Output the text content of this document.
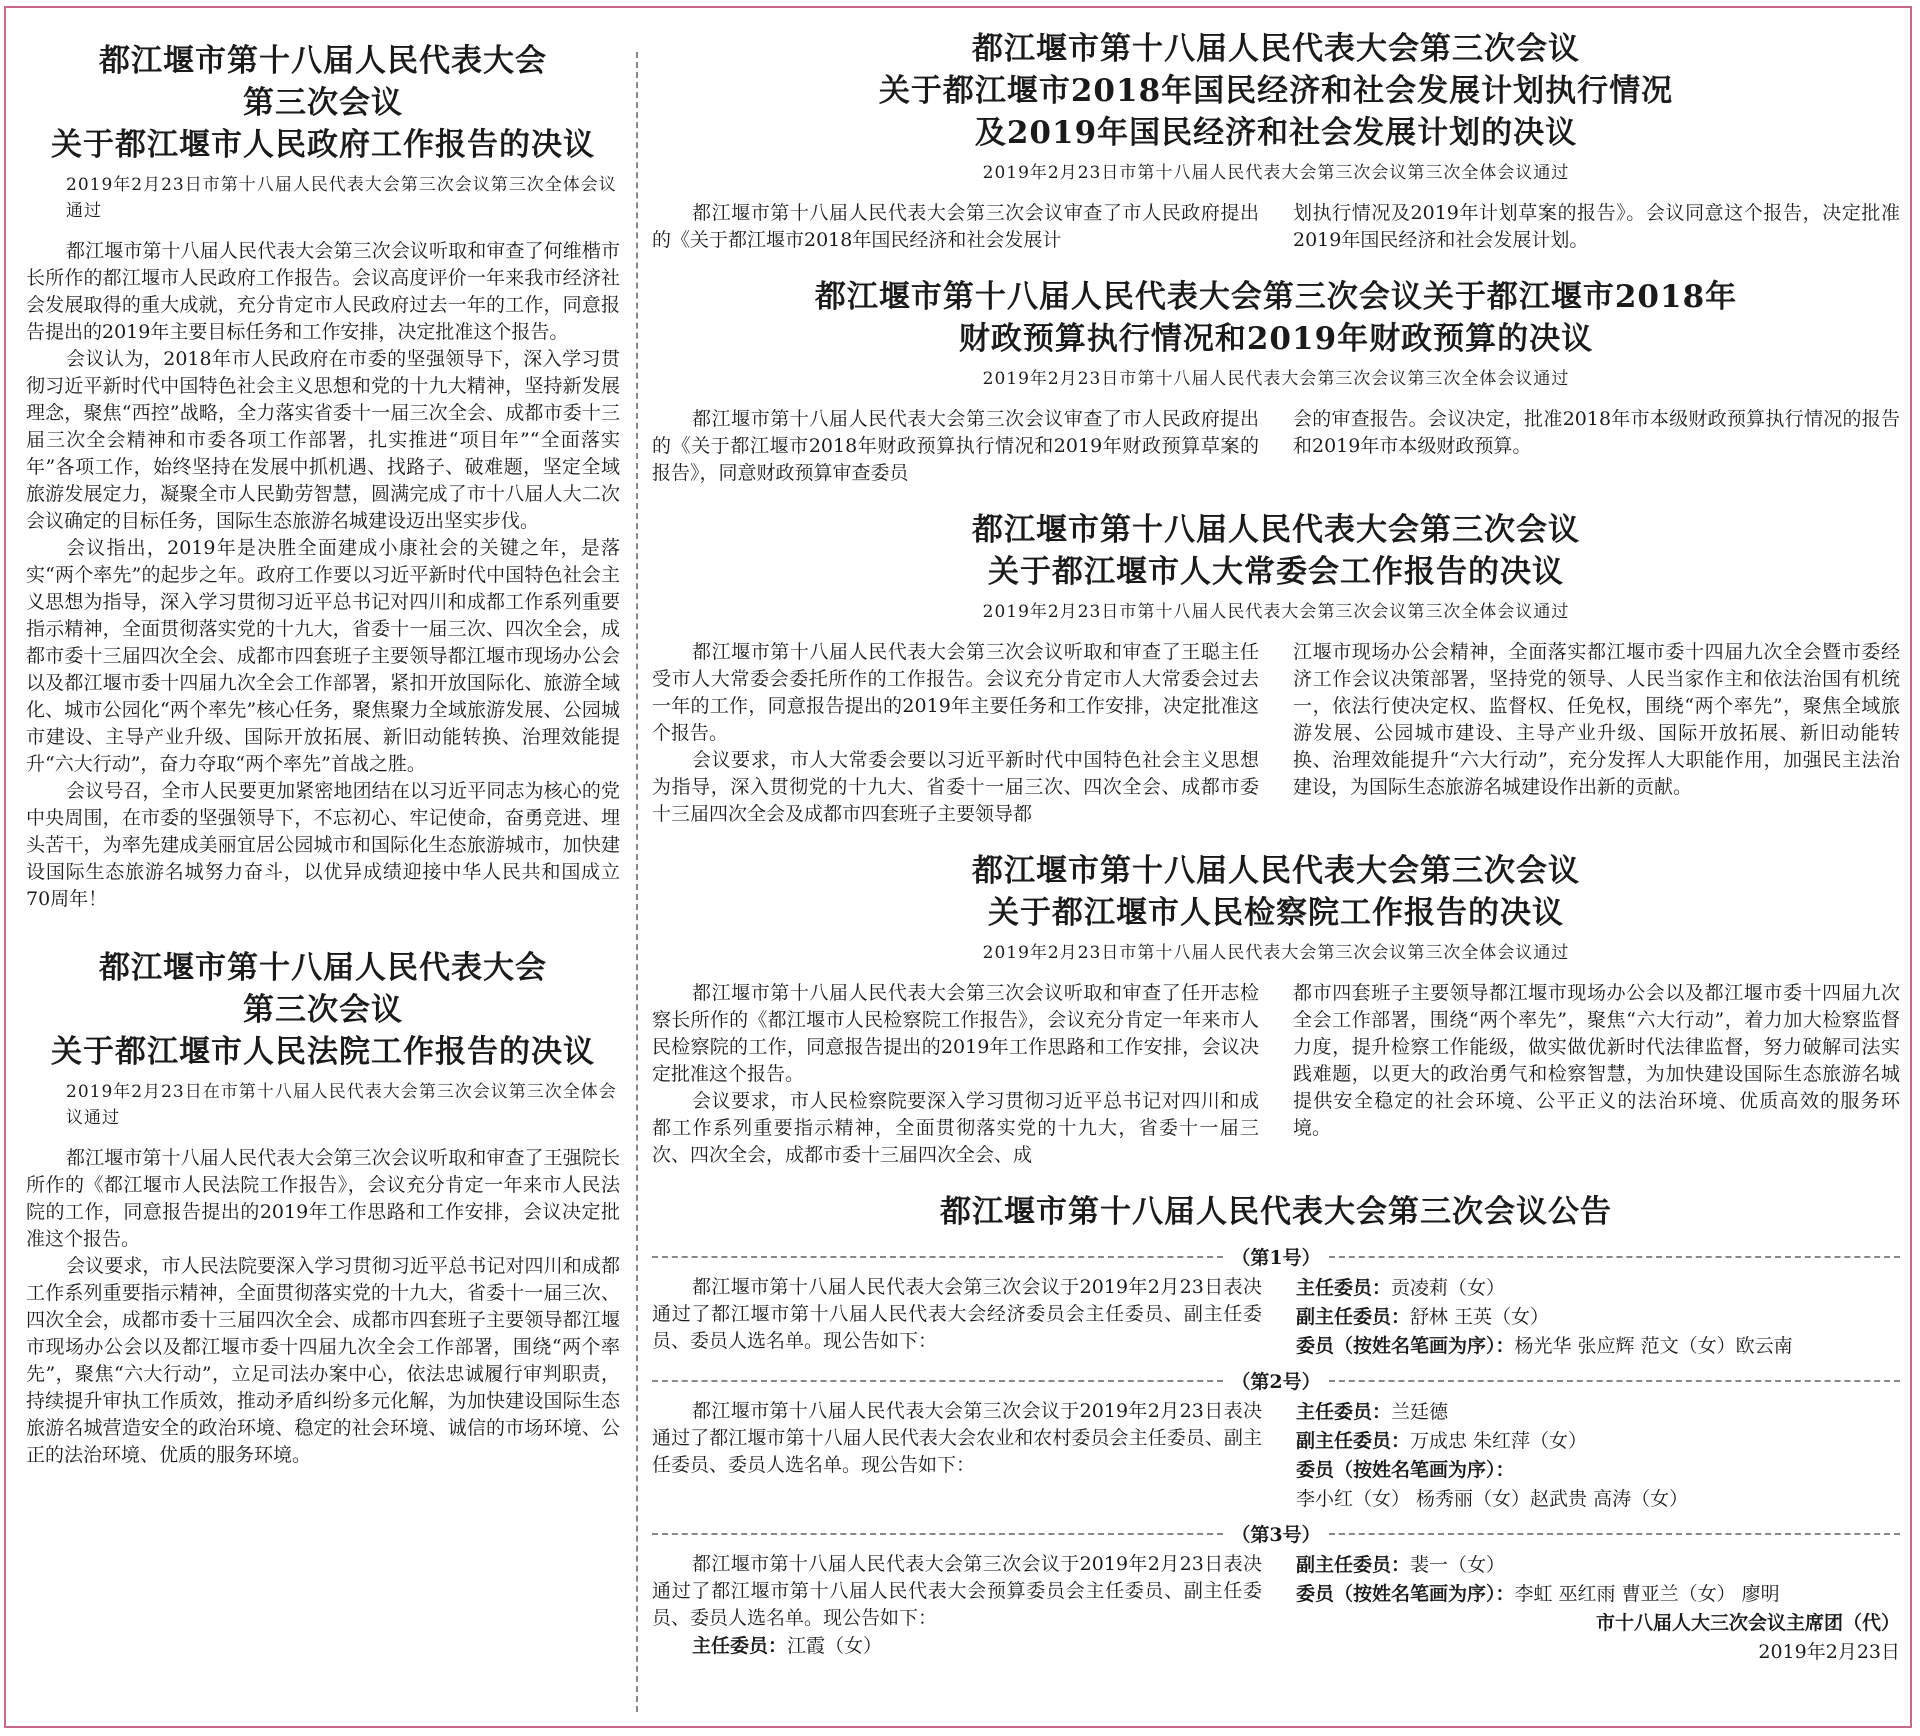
都江堰市第十八届人民代表大会
第三次会议
关于都江堰市人民政府工作报告的决议
2019年2月23日市第十八届人民代表大会第三次会议第三次全体会议通过

都江堰市第十八届人民代表大会第三次会议听取和审查了何维楷市长所作的都江堰市人民政府工作报告。会议高度评价一年来我市经济社会发展取得的重大成就，充分肯定市人民政府过去一年的工作，同意报告提出的2019年主要目标任务和工作安排，决定批准这个报告。

会议认为，2018年市人民政府在市委的坚强领导下，深入学习贯彻习近平新时代中国特色社会主义思想和党的十九大精神，坚持新发展理念，聚焦“西控”战略，全力落实省委十一届三次全会、成都市委十三届三次全会精神和市委各项工作部署，扎实推进“项目年”“全面落实年”各项工作，始终坚持在发展中抓机遇、找路子、破难题，坚定全域旅游发展定力，凝聚全市人民勤劳智慧，圆满完成了市十八届人大二次会议确定的目标任务，国际生态旅游名城建设迈出坚实步伐。

会议指出，2019年是决胜全面建成小康社会的关键之年，是落实“两个率先”的起步之年。政府工作要以习近平新时代中国特色社会主义思想为指导，深入学习贯彻习近平总书记对四川和成都工作系列重要指示精神，全面贯彻落实党的十九大，省委十一届三次、四次全会，成都市委十三届四次全会、成都市四套班子主要领导都江堰市现场办公会以及都江堰市委十四届九次全会工作部署，紧扣开放国际化、旅游全域化、城市公园化“两个率先”核心任务，聚焦聚力全域旅游发展、公园城市建设、主导产业升级、国际开放拓展、新旧动能转换、治理效能提升“六大行动”，奋力夺取“两个率先”首战之胜。

会议号召，全市人民要更加紧密地团结在以习近平同志为核心的党中央周围，在市委的坚强领导下，不忘初心、牢记使命，奋勇竞进、埋头苦干，为率先建成美丽宜居公园城市和国际化生态旅游城市，加快建设国际生态旅游名城努力奋斗，以优异成绩迎接中华人民共和国成立70周年！

都江堰市第十八届人民代表大会
第三次会议
关于都江堰市人民法院工作报告的决议
2019年2月23日在市第十八届人民代表大会第三次会议第三次全体会议通过

都江堰市第十八届人民代表大会第三次会议听取和审查了王强院长所作的《都江堰市人民法院工作报告》，会议充分肯定一年来市人民法院的工作，同意报告提出的2019年工作思路和工作安排，会议决定批准这个报告。

会议要求，市人民法院要深入学习贯彻习近平总书记对四川和成都工作系列重要指示精神，全面贯彻落实党的十九大，省委十一届三次、四次全会，成都市委十三届四次全会、成都市四套班子主要领导都江堰市现场办公会以及都江堰市委十四届九次全会工作部署，围绕“两个率先”，聚焦“六大行动”，立足司法办案中心，依法忠诚履行审判职责，持续提升审执工作质效，推动矛盾纠纷多元化解，为加快建设国际生态旅游名城营造安全的政治环境、稳定的社会环境、诚信的市场环境、公正的法治环境、优质的服务环境。

都江堰市第十八届人民代表大会第三次会议
关于都江堰市2018年国民经济和社会发展计划执行情况
及2019年国民经济和社会发展计划的决议
2019年2月23日市第十八届人民代表大会第三次会议第三次全体会议通过

都江堰市第十八届人民代表大会第三次会议审查了市人民政府提出的《关于都江堰市2018年国民经济和社会发展计

划执行情况及2019年计划草案的报告》。会议同意这个报告，决定批准2019年国民经济和社会发展计划。

都江堰市第十八届人民代表大会第三次会议关于都江堰市2018年
财政预算执行情况和2019年财政预算的决议
2019年2月23日市第十八届人民代表大会第三次会议第三次全体会议通过

都江堰市第十八届人民代表大会第三次会议审查了市人民政府提出的《关于都江堰市2018年财政预算执行情况和2019年财政预算草案的报告》，同意财政预算审查委员

会的审查报告。会议决定，批准2018年市本级财政预算执行情况的报告和2019年市本级财政预算。

都江堰市第十八届人民代表大会第三次会议
关于都江堰市人大常委会工作报告的决议
2019年2月23日市第十八届人民代表大会第三次会议第三次全体会议通过

都江堰市第十八届人民代表大会第三次会议听取和审查了王聪主任受市人大常委会委托所作的工作报告。会议充分肯定市人大常委会过去一年的工作，同意报告提出的2019年主要任务和工作安排，决定批准这个报告。

会议要求，市人大常委会要以习近平新时代中国特色社会主义思想为指导，深入贯彻党的十九大、省委十一届三次、四次全会、成都市委十三届四次全会及成都市四套班子主要领导都

江堰市现场办公会精神，全面落实都江堰市委十四届九次全会暨市委经济工作会议决策部署，坚持党的领导、人民当家作主和依法治国有机统一，依法行使决定权、监督权、任免权，围绕“两个率先”，聚焦全域旅游发展、公园城市建设、主导产业升级、国际开放拓展、新旧动能转换、治理效能提升“六大行动”，充分发挥人大职能作用，加强民主法治建设，为国际生态旅游名城建设作出新的贡献。

都江堰市第十八届人民代表大会第三次会议
关于都江堰市人民检察院工作报告的决议
2019年2月23日市第十八届人民代表大会第三次会议第三次全体会议通过

都江堰市第十八届人民代表大会第三次会议听取和审查了任开志检察长所作的《都江堰市人民检察院工作报告》，会议充分肯定一年来市人民检察院的工作，同意报告提出的2019年工作思路和工作安排，会议决定批准这个报告。

会议要求，市人民检察院要深入学习贯彻习近平总书记对四川和成都工作系列重要指示精神，全面贯彻落实党的十九大，省委十一届三次、四次全会，成都市委十三届四次全会、成

都市四套班子主要领导都江堰市现场办公会以及都江堰市委十四届九次全会工作部署，围绕“两个率先”，聚焦“六大行动”，着力加大检察监督力度，提升检察工作能级，做实做优新时代法律监督，努力破解司法实践难题，以更大的政治勇气和检察智慧，为加快建设国际生态旅游名城提供安全稳定的社会环境、公平正义的法治环境、优质高效的服务环境。

都江堰市第十八届人民代表大会第三次会议公告
（第1号）

都江堰市第十八届人民代表大会第三次会议于2019年2月23日表决通过了都江堰市第十八届人民代表大会经济委员会主任委员、副主任委员、委员人选名单。现公告如下：

主任委员：贡凌莉（女）
副主任委员：舒林 王英（女）
委员（按姓名笔画为序）：杨光华 张应辉 范文（女）欧云南
（第2号）

都江堰市第十八届人民代表大会第三次会议于2019年2月23日表决通过了都江堰市第十八届人民代表大会农业和农村委员会主任委员、副主任委员、委员人选名单。现公告如下：

主任委员：兰廷德
副主任委员：万成忠 朱红萍（女）
委员（按姓名笔画为序）：李小红（女） 杨秀丽（女）赵武贵 高涛（女）
（第3号）

都江堰市第十八届人民代表大会第三次会议于2019年2月23日表决通过了都江堰市第十八届人民代表大会预算委员会主任委员、副主任委员、委员人选名单。现公告如下：

主任委员：江霞（女）
副主任委员：裴一（女）
委员（按姓名笔画为序）：李虹 巫红雨 曹亚兰（女） 廖明
市十八届人大三次会议主席团（代）
2019年2月23日
